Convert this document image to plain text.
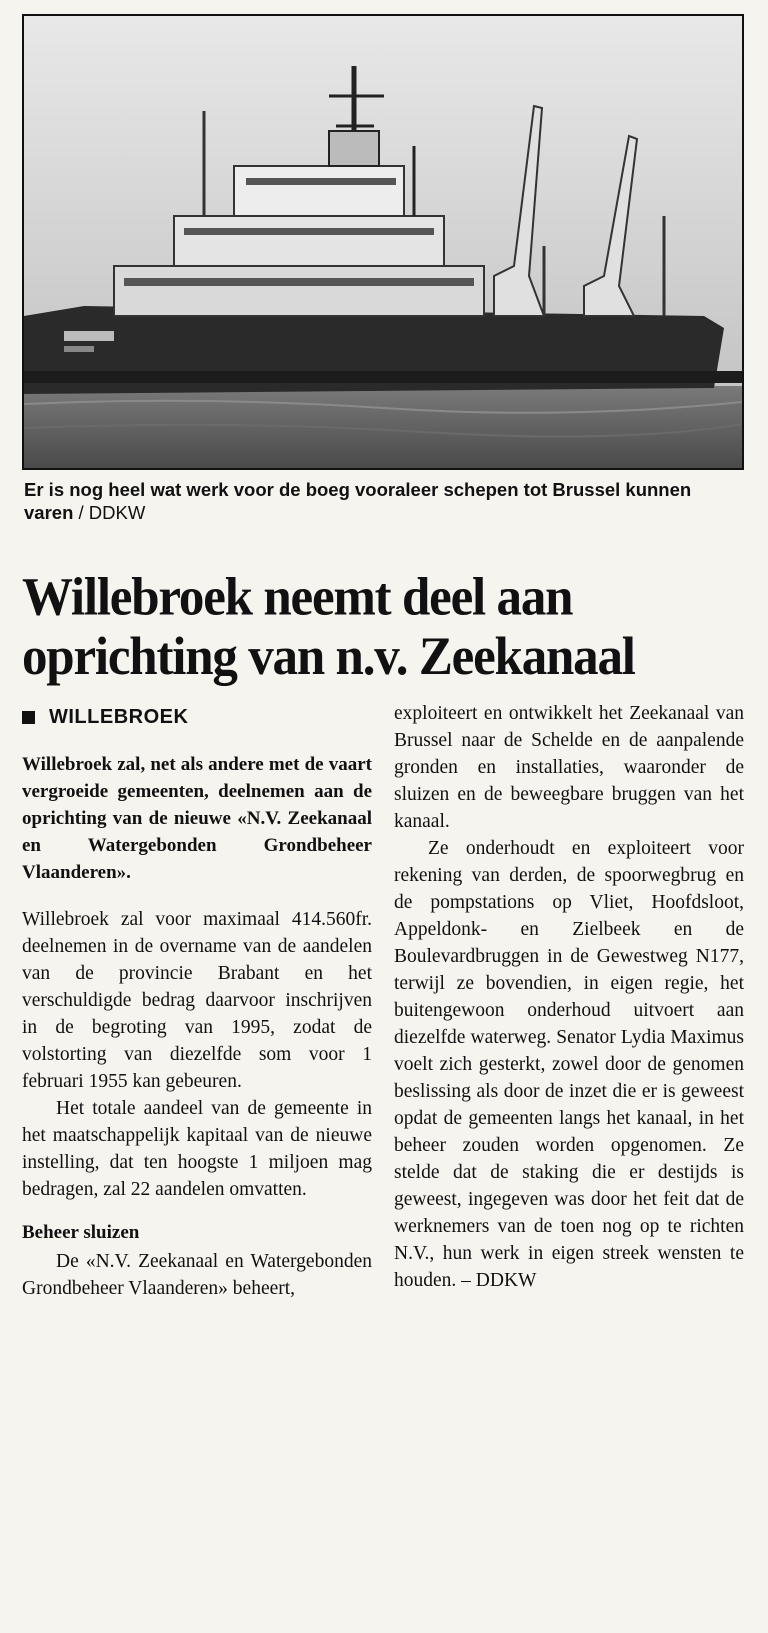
Er is nog heel wat werk voor de boeg vooraleer schepen tot Brussel kunnen varen / DDKW
Willebroek neemt deel aan oprichting van n.v. Zeekanaal
WILLEBROEK

Willebroek zal, net als andere met de vaart vergroeide gemeenten, deelnemen aan de oprichting van de nieuwe «N.V. Zeekanaal en Watergebonden Grondbeheer Vlaanderen».

Willebroek zal voor maximaal 414.560fr. deelnemen in de overname van de aandelen van de provincie Brabant en het verschuldigde bedrag daarvoor inschrijven in de begroting van 1995, zodat de volstorting van diezelfde som voor 1 februari 1955 kan gebeuren.

Het totale aandeel van de gemeente in het maatschappelijk kapitaal van de nieuwe instelling, dat ten hoogste 1 miljoen mag bedragen, zal 22 aandelen omvatten.

Beheer sluizen

De «N.V. Zeekanaal en Watergebonden Grondbeheer Vlaanderen» beheert,

exploiteert en ontwikkelt het Zeekanaal van Brussel naar de Schelde en de aanpalende gronden en installaties, waaronder de sluizen en de beweegbare bruggen van het kanaal.

Ze onderhoudt en exploiteert voor rekening van derden, de spoorwegbrug en de pompstations op Vliet, Hoofdsloot, Appeldonk- en Zielbeek en de Boulevardbruggen in de Gewestweg N177, terwijl ze bovendien, in eigen regie, het buitengewoon onderhoud uitvoert aan diezelfde waterweg. Senator Lydia Maximus voelt zich gesterkt, zowel door de genomen beslissing als door de inzet die er is geweest opdat de gemeenten langs het kanaal, in het beheer zouden worden opgenomen. Ze stelde dat de staking die er destijds is geweest, ingegeven was door het feit dat de werknemers van de toen nog op te richten N.V., hun werk in eigen streek wensten te houden. – DDKW
